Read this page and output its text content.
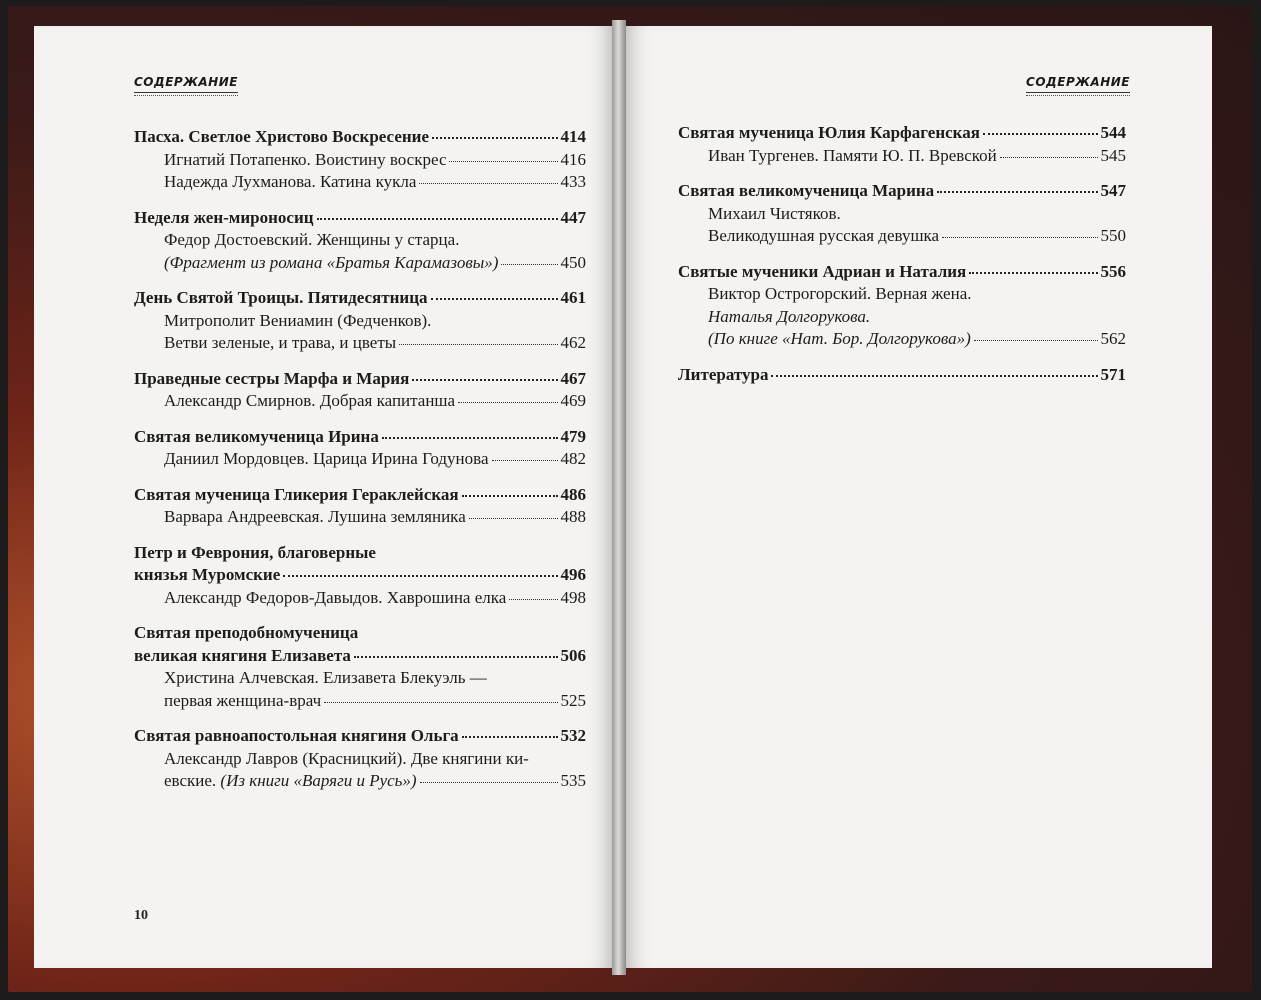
СОДЕРЖАНИЕ
Пасха. Светлое Христово Воскресение	414
Игнатий Потапенко. Воистину воскрес	416
Надежда Лухманова. Катина кукла	433
Неделя жен-мироносиц	447
Федор Достоевский. Женщины у старца.
(Фрагмент из романа «Братья Карамазовы»)	450
День Святой Троицы. Пятидесятница	461
Митрополит Вениамин (Федченков).
Ветви зеленые, и трава, и цветы	462
Праведные сестры Марфа и Мария	467
Александр Смирнов. Добрая капитанша	469
Святая великомученица Ирина	479
Даниил Мордовцев. Царица Ирина Годунова	482
Святая мученица Гликерия Гераклейская	486
Варвара Андреевская. Лушина земляника	488
Петр и Феврония, благоверные
князья Муромские	496
Александр Федоров-Давыдов. Хаврошина елка	498
Святая преподобномученица
великая княгиня Елизавета	506
Христина Алчевская. Елизавета Блекуэль —
первая женщина-врач	525
Святая равноапостольная княгиня Ольга	532
Александр Лавров (Красницкий). Две княгини ки-
евские. (Из книги «Варяги и Русь»)	535
10
СОДЕРЖАНИЕ
Святая мученица Юлия Карфагенская	544
Иван Тургенев. Памяти Ю. П. Вревской	545
Святая великомученица Марина	547
Михаил Чистяков.
Великодушная русская девушка	550
Святые мученики Адриан и Наталия	556
Виктор Острогорский. Верная жена.
Наталья Долгорукова.
(По книге «Нат. Бор. Долгорукова»)	562
Литература	571
